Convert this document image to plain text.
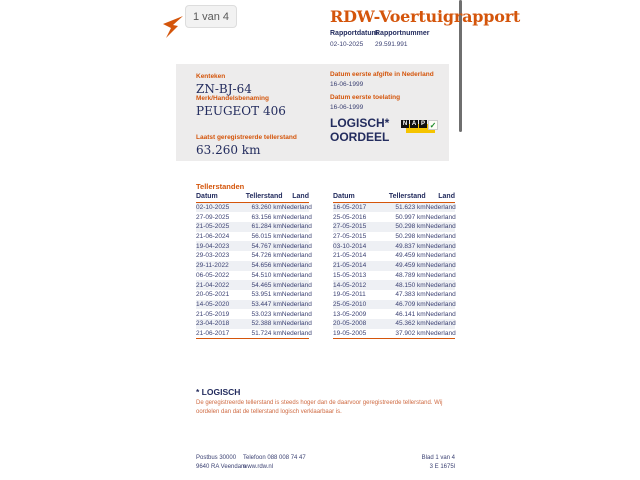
1 van 4	RDW-Voertuigrapport
Rapportdatum
02-10-2025
Rapportnummer
29.591.991
Kenteken
ZN-BJ-64
Merk/Handelsbenaming
PEUGEOT 406
Laatst geregistreerde tellerstand
63.260 km
Datum eerste afgifte in Nederland
16-06-1999
Datum eerste toelating
16-06-1999
LOGISCH*
OORDEEL
N A P ✓
Tellerstanden
Datum	Tellerstand	Land
02-10-2025	63.260 km Nederland
27-09-2025	63.156 km Nederland
21-05-2025	61.284 km Nederland
21-06-2024	56.015 km Nederland
19-04-2023	54.767 km Nederland
29-03-2023	54.726 km Nederland
29-11-2022	54.656 km Nederland
06-05-2022	54.510 km Nederland
21-04-2022	54.465 km Nederland
20-05-2021	53.951 km Nederland
14-05-2020	53.447 km Nederland
21-05-2019	53.023 km Nederland
23-04-2018	52.388 km Nederland
21-06-2017	51.724 km Nederland
Datum	Tellerstand	Land
16-05-2017	51.623 km Nederland
25-05-2016	50.997 km Nederland
27-05-2015	50.298 km Nederland
27-05-2015	50.298 km Nederland
03-10-2014	49.837 km Nederland
21-05-2014	49.459 km Nederland
21-05-2014	49.459 km Nederland
15-05-2013	48.789 km Nederland
14-05-2012	48.150 km Nederland
19-05-2011	47.383 km Nederland
25-05-2010	46.709 km Nederland
13-05-2009	46.141 km Nederland
20-05-2008	45.362 km Nederland
19-05-2005	37.902 km Nederland
* LOGISCH
De geregistreerde tellerstand is steeds hoger dan de daarvoor geregistreerde tellerstand. Wij oordelen dan dat de tellerstand logisch verklaarbaar is.
Postbus 30000
9640 RA Veendam
Telefoon 088 008 74 47
www.rdw.nl
Blad 1 van 4
3 E 1675l
